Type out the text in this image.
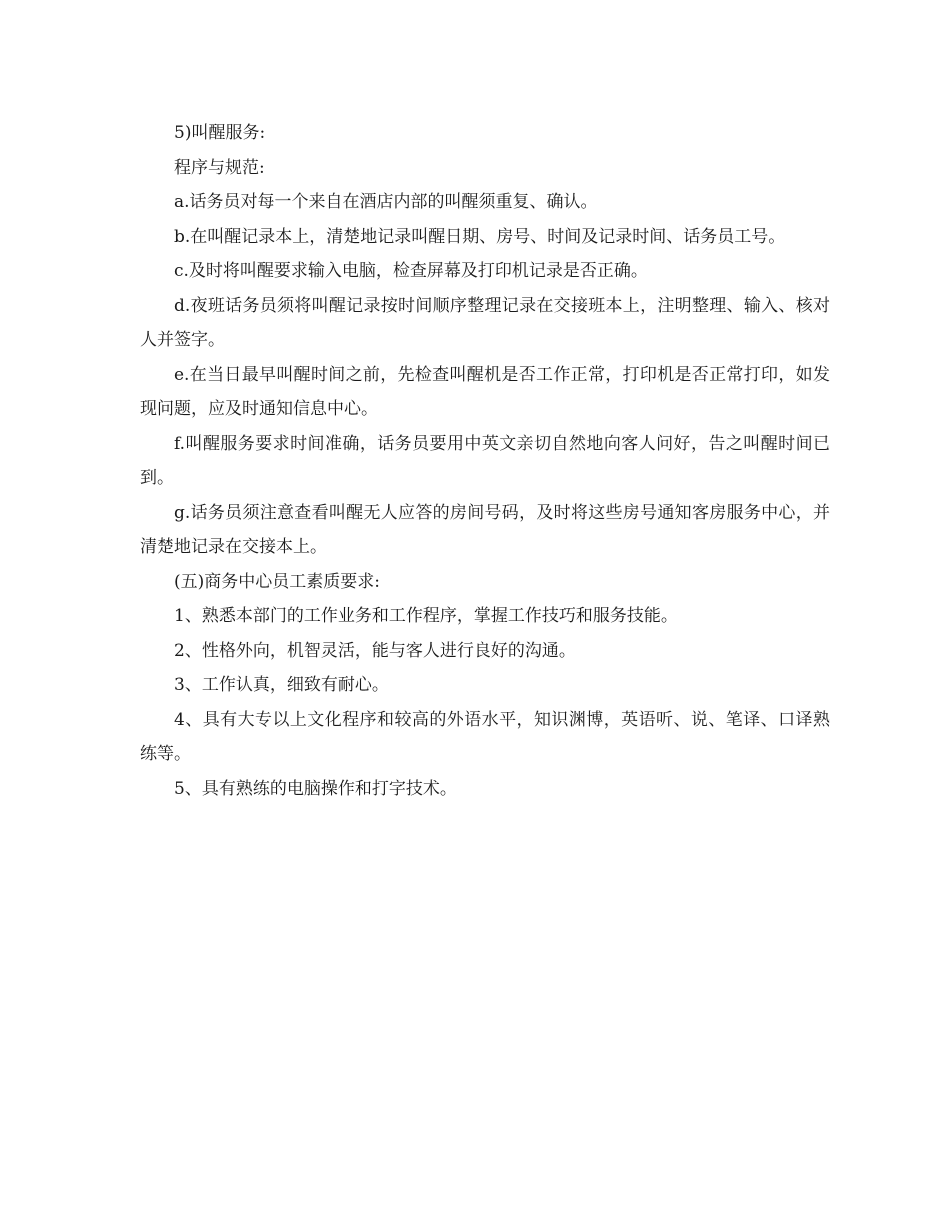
5)叫醒服务:

程序与规范:

a.话务员对每一个来自在酒店内部的叫醒须重复、确认。

b.在叫醒记录本上，清楚地记录叫醒日期、房号、时间及记录时间、话务员工号。

c.及时将叫醒要求输入电脑，检查屏幕及打印机记录是否正确。

d.夜班话务员须将叫醒记录按时间顺序整理记录在交接班本上，注明整理、输入、核对人并签字。

e.在当日最早叫醒时间之前，先检查叫醒机是否工作正常，打印机是否正常打印，如发现问题，应及时通知信息中心。

f.叫醒服务要求时间准确，话务员要用中英文亲切自然地向客人问好，告之叫醒时间已到。

g.话务员须注意查看叫醒无人应答的房间号码，及时将这些房号通知客房服务中心，并清楚地记录在交接本上。

(五)商务中心员工素质要求:

1、熟悉本部门的工作业务和工作程序，掌握工作技巧和服务技能。

2、性格外向，机智灵活，能与客人进行良好的沟通。

3、工作认真，细致有耐心。

4、具有大专以上文化程序和较高的外语水平，知识渊博，英语听、说、笔译、口译熟练等。

5、具有熟练的电脑操作和打字技术。
